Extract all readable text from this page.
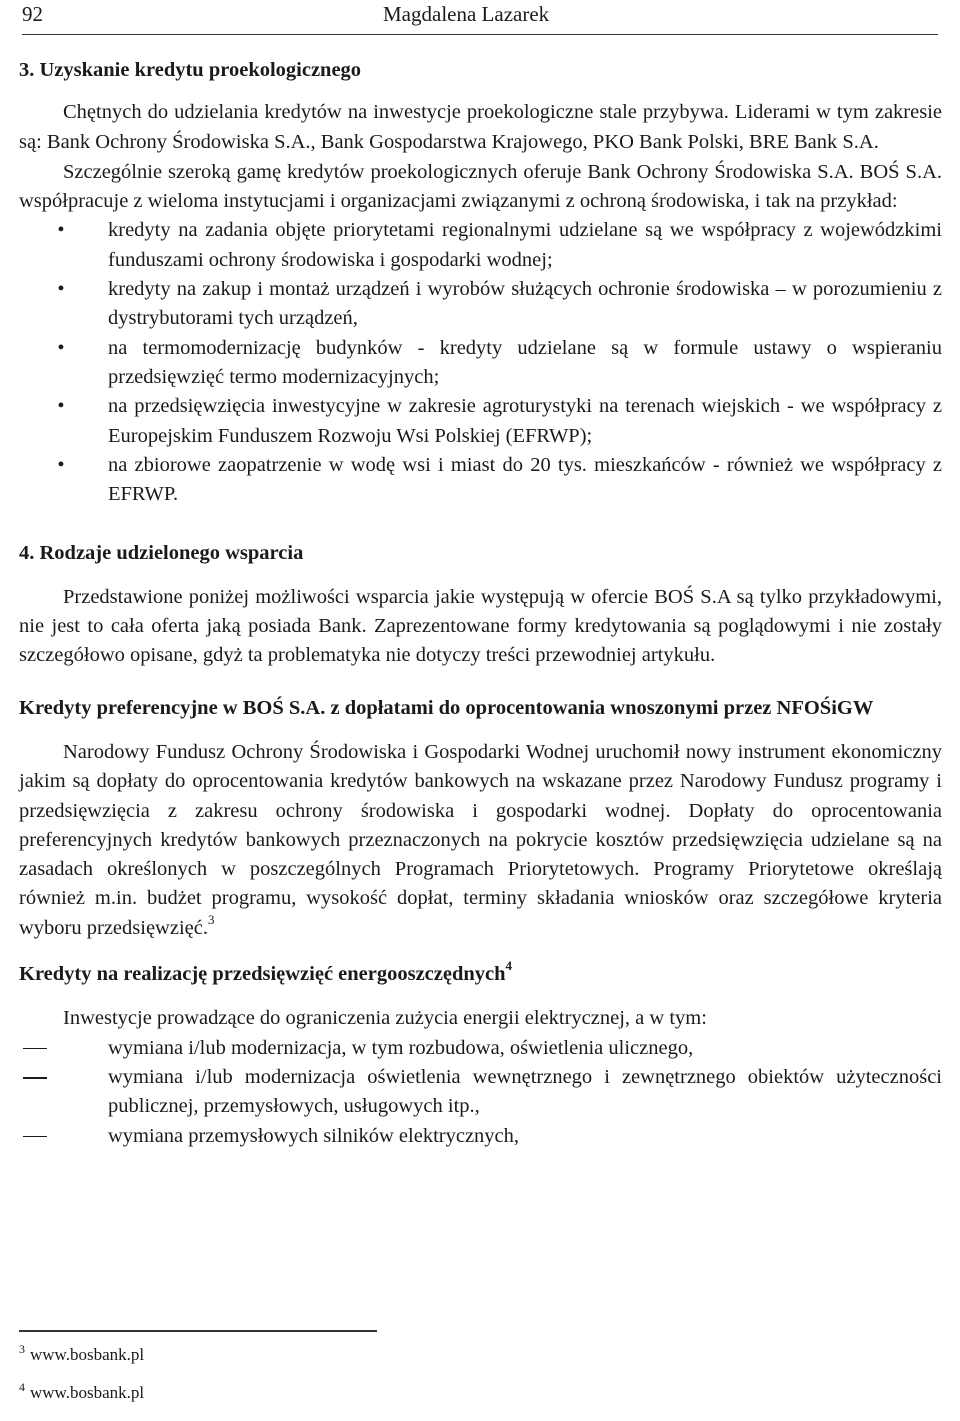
92	Magdalena Lazarek
3. Uzyskanie kredytu proekologicznego

Chętnych do udzielania kredytów na inwestycje proekologiczne stale przybywa. Liderami w tym zakresie są: Bank Ochrony Środowiska S.A., Bank Gospodarstwa Krajowego, PKO Bank Polski, BRE Bank S.A.

Szczególnie szeroką gamę kredytów proekologicznych oferuje Bank Ochrony Środowiska S.A. BOŚ S.A. współpracuje z wieloma instytucjami i organizacjami związanymi z ochroną środowiska, i tak na przykład:

• kredyty na zadania objęte priorytetami regionalnymi udzielane są we współpracy z wojewódzkimi funduszami ochrony środowiska i gospodarki wodnej;
• kredyty na zakup i montaż urządzeń i wyrobów służących ochronie środowiska – w porozumieniu z dystrybutorami tych urządzeń,
• na termomodernizację budynków - kredyty udzielane są w formule ustawy o wspieraniu przedsięwzięć termo modernizacyjnych;
• na przedsięwzięcia inwestycyjne w zakresie agroturystyki na terenach wiejskich - we współpracy z Europejskim Funduszem Rozwoju Wsi Polskiej (EFRWP);
• na zbiorowe zaopatrzenie w wodę wsi i miast do 20 tys. mieszkańców - również we współpracy z EFRWP.
4. Rodzaje udzielonego wsparcia

Przedstawione poniżej możliwości wsparcia jakie występują w ofercie BOŚ S.A są tylko przykładowymi, nie jest to cała oferta jaką posiada Bank. Zaprezentowane formy kredytowania są poglądowymi i nie zostały szczegółowo opisane, gdyż ta problematyka nie dotyczy treści przewodniej artykułu.

Kredyty preferencyjne w BOŚ S.A. z dopłatami do oprocentowania wnoszonymi przez NFOŚiGW

Narodowy Fundusz Ochrony Środowiska i Gospodarki Wodnej uruchomił nowy instrument ekonomiczny jakim są dopłaty do oprocentowania kredytów bankowych na wskazane przez Narodowy Fundusz programy i przedsięwzięcia z zakresu ochrony środowiska i gospodarki wodnej. Dopłaty do oprocentowania preferencyjnych kredytów bankowych przeznaczonych na pokrycie kosztów przedsięwzięcia udzielane są na zasadach określonych w poszczególnych Programach Priorytetowych. Programy Priorytetowe określają również m.in. budżet programu, wysokość dopłat, terminy składania wniosków oraz szczegółowe kryteria wyboru przedsięwzięć.$^3$

Kredyty na realizację przedsięwzięć energooszczędnych$^4$

Inwestycje prowadzące do ograniczenia zużycia energii elektrycznej, a w tym:

wymiana i/lub modernizacja, w tym rozbudowa, oświetlenia ulicznego,
wymiana i/lub modernizacja oświetlenia wewnętrznego i zewnętrznego obiektów użyteczności publicznej, przemysłowych, usługowych itp.,
wymiana przemysłowych silników elektrycznych,
$^3$ www.bosbank.pl
$^4$ www.bosbank.pl
